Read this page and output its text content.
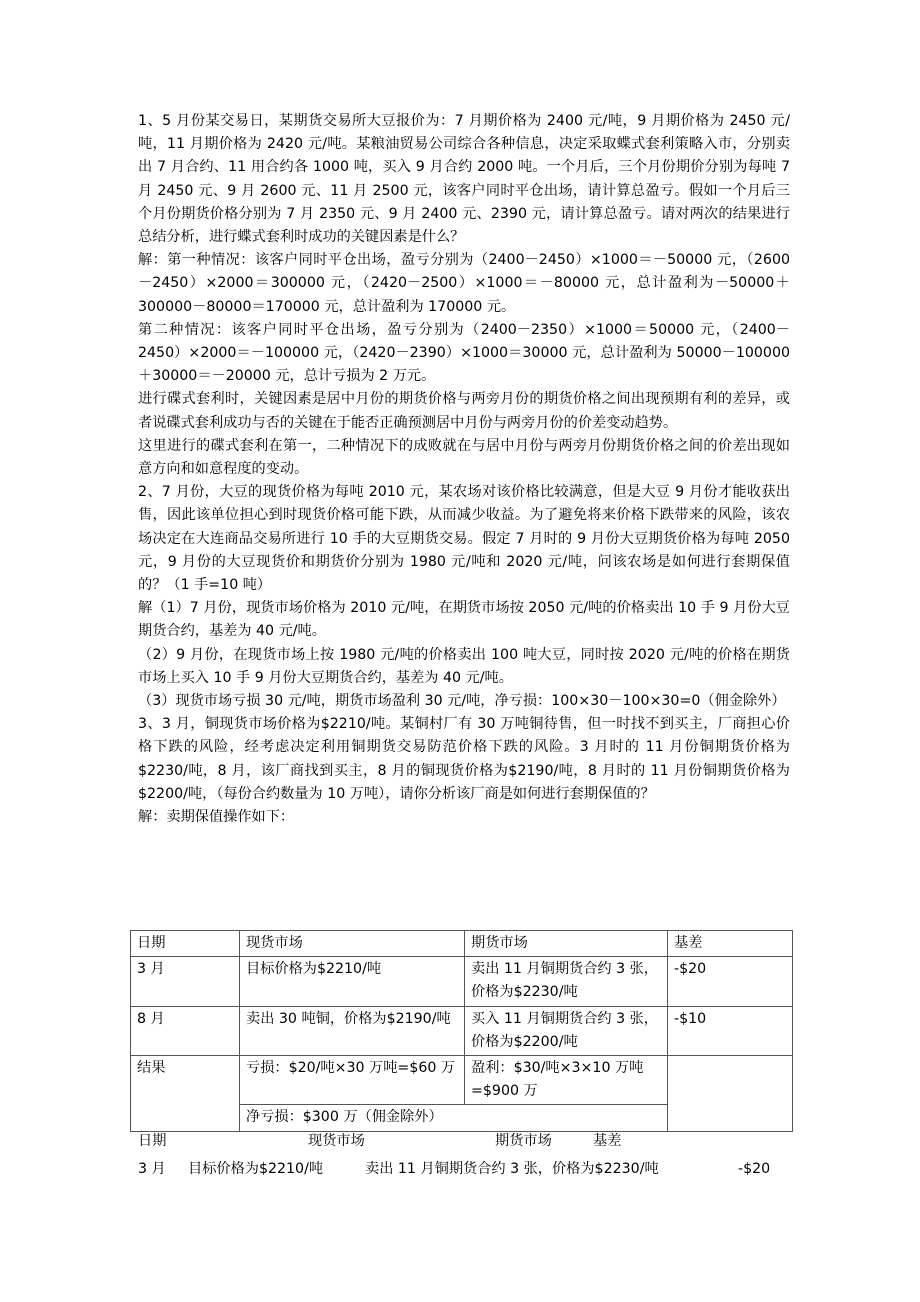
1、5 月份某交易日，某期货交易所大豆报价为：7 月期价格为 2400 元/吨，9 月期价格为 2450 元/吨，11 月期价格为 2420 元/吨。某粮油贸易公司综合各种信息，决定采取蝶式套利策略入市，分别卖出 7 月合约、11 用合约各 1000 吨，买入 9 月合约 2000 吨。一个月后，三个月份期价分别为每吨 7 月 2450 元、9 月 2600 元、11 月 2500 元，该客户同时平仓出场，请计算总盈亏。假如一个月后三个月份期货价格分别为 7 月 2350 元、9 月 2400 元、2390 元，请计算总盈亏。请对两次的结果进行总结分析，进行蝶式套利时成功的关键因素是什么？

解：第一种情况：该客户同时平仓出场，盈亏分别为（2400－2450）×1000＝－50000 元，（2600－2450）×2000＝300000 元，（2420－2500）×1000＝－80000 元，总计盈利为－50000＋300000－80000＝170000 元，总计盈利为 170000 元。

第二种情况：该客户同时平仓出场，盈亏分别为（2400－2350）×1000＝50000 元，（2400－2450）×2000＝－100000 元，（2420－2390）×1000＝30000 元，总计盈利为 50000－100000＋30000＝－20000 元，总计亏损为 2 万元。

进行碟式套利时，关键因素是居中月份的期货价格与两旁月份的期货价格之间出现预期有利的差异，或者说碟式套利成功与否的关键在于能否正确预测居中月份与两旁月份的价差变动趋势。

这里进行的碟式套利在第一，二种情况下的成败就在与居中月份与两旁月份期货价格之间的价差出现如意方向和如意程度的变动。

2、7 月份，大豆的现货价格为每吨 2010 元，某农场对该价格比较满意，但是大豆 9 月份才能收获出售，因此该单位担心到时现货价格可能下跌，从而减少收益。为了避免将来价格下跌带来的风险，该农场决定在大连商品交易所进行 10 手的大豆期货交易。假定 7 月时的 9 月份大豆期货价格为每吨 2050 元，9 月份的大豆现货价和期货价分别为 1980 元/吨和 2020 元/吨，问该农场是如何进行套期保值的？（1 手=10 吨）

解（1）7 月份，现货市场价格为 2010 元/吨，在期货市场按 2050 元/吨的价格卖出 10 手 9 月份大豆期货合约，基差为 40 元/吨。

（2）9 月份，在现货市场上按 1980 元/吨的价格卖出 100 吨大豆，同时按 2020 元/吨的价格在期货市场上买入 10 手 9 月份大豆期货合约，基差为 40 元/吨。

（3）现货市场亏损 30 元/吨，期货市场盈利 30 元/吨，净亏损：100×30－100×30=0（佣金除外）

3、3 月，铜现货市场价格为$2210/吨。某铜村厂有 30 万吨铜待售，但一时找不到买主，厂商担心价格下跌的风险，经考虑决定利用铜期货交易防范价格下跌的风险。3 月时的 11 月份铜期货价格为$2230/吨，8 月，该厂商找到买主，8 月的铜现货价格为$2190/吨，8 月时的 11 月份铜期货价格为$2200/吨，（每份合约数量为 10 万吨），请你分析该厂商是如何进行套期保值的？

解：卖期保值操作如下：

日期	现货市场	期货市场	基差
3 月	目标价格为$2210/吨	卖出 11 月铜期货合约 3 张，价格为$2230/吨	-$20
8 月	卖出 30 吨铜，价格为$2190/吨	买入 11 月铜期货合约 3 张，价格为$2200/吨	-$10
结果	亏损：$20/吨×30 万吨=$60 万	盈利：$30/吨×3×10 万吨=$900 万	
	净亏损：$300 万（佣金除外）		
日期	现货市场	期货市场	基差
3 月 目标价格为$2210/吨	卖出 11 月铜期货合约 3 张，价格为$2230/吨	-$20
